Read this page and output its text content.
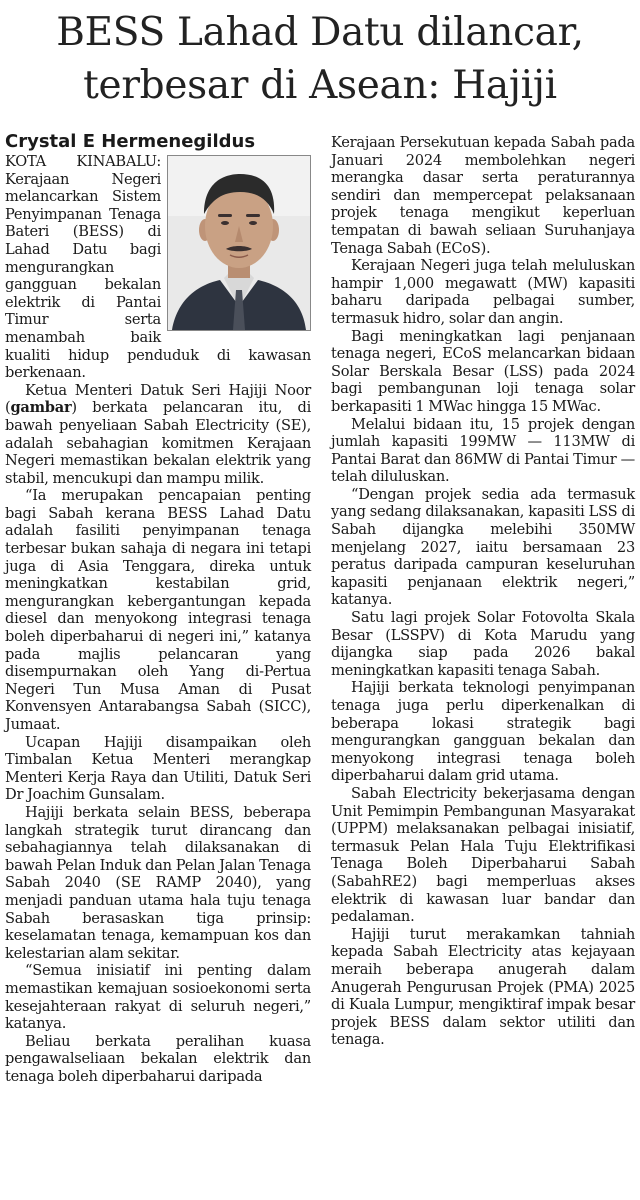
BESS Lahad Datu dilancar,
terbesar di Asean: Hajiji
Crystal E Hermenegildus

KOTA KINABALU: Kerajaan Negeri melancarkan Sistem Penyimpanan Tenaga Bateri (BESS) di Lahad Datu bagi mengurangkan gangguan bekalan elektrik di Pantai Timur serta menambah baik kualiti hidup penduduk di kawasan berkenaan.

Ketua Menteri Datuk Seri Hajiji Noor (gambar) berkata pelancaran itu, di bawah penyeliaan Sabah Electricity (SE), adalah sebahagian komitmen Kerajaan Negeri memastikan bekalan elektrik yang stabil, mencukupi dan mampu milik.

“Ia merupakan pencapaian penting bagi Sabah kerana BESS Lahad Datu adalah fasiliti penyimpanan tenaga terbesar bukan sahaja di negara ini tetapi juga di Asia Tenggara, direka untuk meningkatkan kestabilan grid, mengurangkan kebergantungan kepada diesel dan menyokong integrasi tenaga boleh diperbaharui di negeri ini,” katanya pada majlis pelancaran yang disempurnakan oleh Yang di-Pertua Negeri Tun Musa Aman di Pusat Konvensyen Antarabangsa Sabah (SICC), Jumaat.

Ucapan Hajiji disampaikan oleh Timbalan Ketua Menteri merangkap Menteri Kerja Raya dan Utiliti, Datuk Seri Dr Joachim Gunsalam.

Hajiji berkata selain BESS, beberapa langkah strategik turut dirancang dan sebahagiannya telah dilaksanakan di bawah Pelan Induk dan Pelan Jalan Tenaga Sabah 2040 (SE RAMP 2040), yang menjadi panduan utama hala tuju tenaga Sabah berasaskan tiga prinsip: keselamatan tenaga, kemampuan kos dan kelestarian alam sekitar.

“Semua inisiatif ini penting dalam memastikan kemajuan sosioekonomi serta kesejahteraan rakyat di seluruh negeri,” katanya.

Beliau berkata peralihan kuasa pengawalseliaan bekalan elektrik dan tenaga boleh diperbaharui daripada

Kerajaan Persekutuan kepada Sabah pada Januari 2024 membolehkan negeri merangka dasar serta peraturannya sendiri dan mempercepat pelaksanaan projek tenaga mengikut keperluan tempatan di bawah seliaan Suruhanjaya Tenaga Sabah (ECoS).

Kerajaan Negeri juga telah meluluskan hampir 1,000 megawatt (MW) kapasiti baharu daripada pelbagai sumber, termasuk hidro, solar dan angin.

Bagi meningkatkan lagi penjanaan tenaga negeri, ECoS melancarkan bidaan Solar Berskala Besar (LSS) pada 2024 bagi pembangunan loji tenaga solar berkapasiti 1 MWac hingga 15 MWac.

Melalui bidaan itu, 15 projek dengan jumlah kapasiti 199MW — 113MW di Pantai Barat dan 86MW di Pantai Timur — telah diluluskan.

“Dengan projek sedia ada termasuk yang sedang dilaksanakan, kapasiti LSS di Sabah dijangka melebihi 350MW menjelang 2027, iaitu bersamaan 23 peratus daripada campuran keseluruhan kapasiti penjanaan elektrik negeri,” katanya.

Satu lagi projek Solar Fotovolta Skala Besar (LSSPV) di Kota Marudu yang dijangka siap pada 2026 bakal meningkatkan kapasiti tenaga Sabah.

Hajiji berkata teknologi penyimpanan tenaga juga perlu diperkenalkan di beberapa lokasi strategik bagi mengurangkan gangguan bekalan dan menyokong integrasi tenaga boleh diperbaharui dalam grid utama.

Sabah Electricity bekerjasama dengan Unit Pemimpin Pembangunan Masyarakat (UPPM) melaksanakan pelbagai inisiatif, termasuk Pelan Hala Tuju Elektrifikasi Tenaga Boleh Diperbaharui Sabah (SabahRE2) bagi memperluas akses elektrik di kawasan luar bandar dan pedalaman.

Hajiji turut merakamkan tahniah kepada Sabah Electricity atas kejayaan meraih beberapa anugerah dalam Anugerah Pengurusan Projek (PMA) 2025 di Kuala Lumpur, mengiktiraf impak besar projek BESS dalam sektor utiliti dan tenaga.
